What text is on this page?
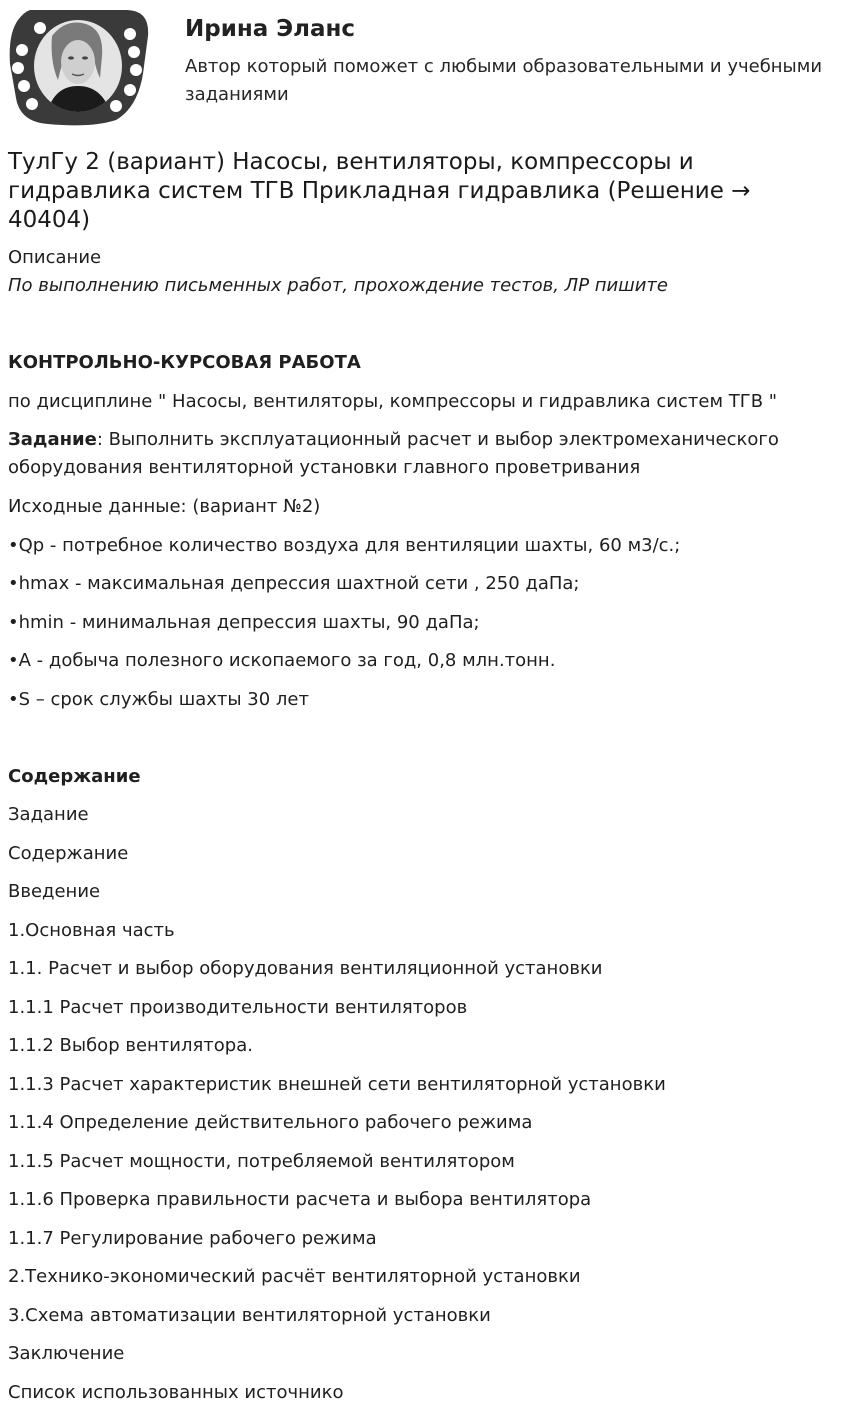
Ирина Эланс
Автор который поможет с любыми образовательными и учебными заданиями
ТулГу 2 (вариант) Насосы, вентиляторы, компрессоры и гидравлика систем ТГВ Прикладная гидравлика (Решение → 40404)
Описание
По выполнению письменных работ, прохождение тестов, ЛР пишите
КОНТРОЛЬНО-КУРСОВАЯ РАБОТА
по дисциплине " Насосы, вентиляторы, компрессоры и гидравлика систем ТГВ "
Задание: Выполнить эксплуатационный расчет и выбор электромеханического оборудования вентиляторной установки главного проветривания
Исходные данные: (вариант №2)
•Qр - потребное количество воздуха для вентиляции шахты, 60 м3/с.;
•hmax - максимальная депрессия шахтной сети , 250 даПа;
•hmin - минимальная депрессия шахты, 90 даПа;
•А - добыча полезного ископаемого за год, 0,8 млн.тонн.
•S – срок службы шахты 30 лет
Содержание
Задание
Содержание
Введение
1.Основная часть
1.1. Расчет и выбор оборудования вентиляционной установки
1.1.1 Расчет производительности вентиляторов
1.1.2 Выбор вентилятора.
1.1.3 Расчет характеристик внешней сети вентиляторной установки
1.1.4 Определение действительного рабочего режима
1.1.5 Расчет мощности, потребляемой вентилятором
1.1.6 Проверка правильности расчета и выбора вентилятора
1.1.7 Регулирование рабочего режима
2.Технико-экономический расчёт вентиляторной установки
3.Схема автоматизации вентиляторной установки
Заключение
Список использованных источнико
